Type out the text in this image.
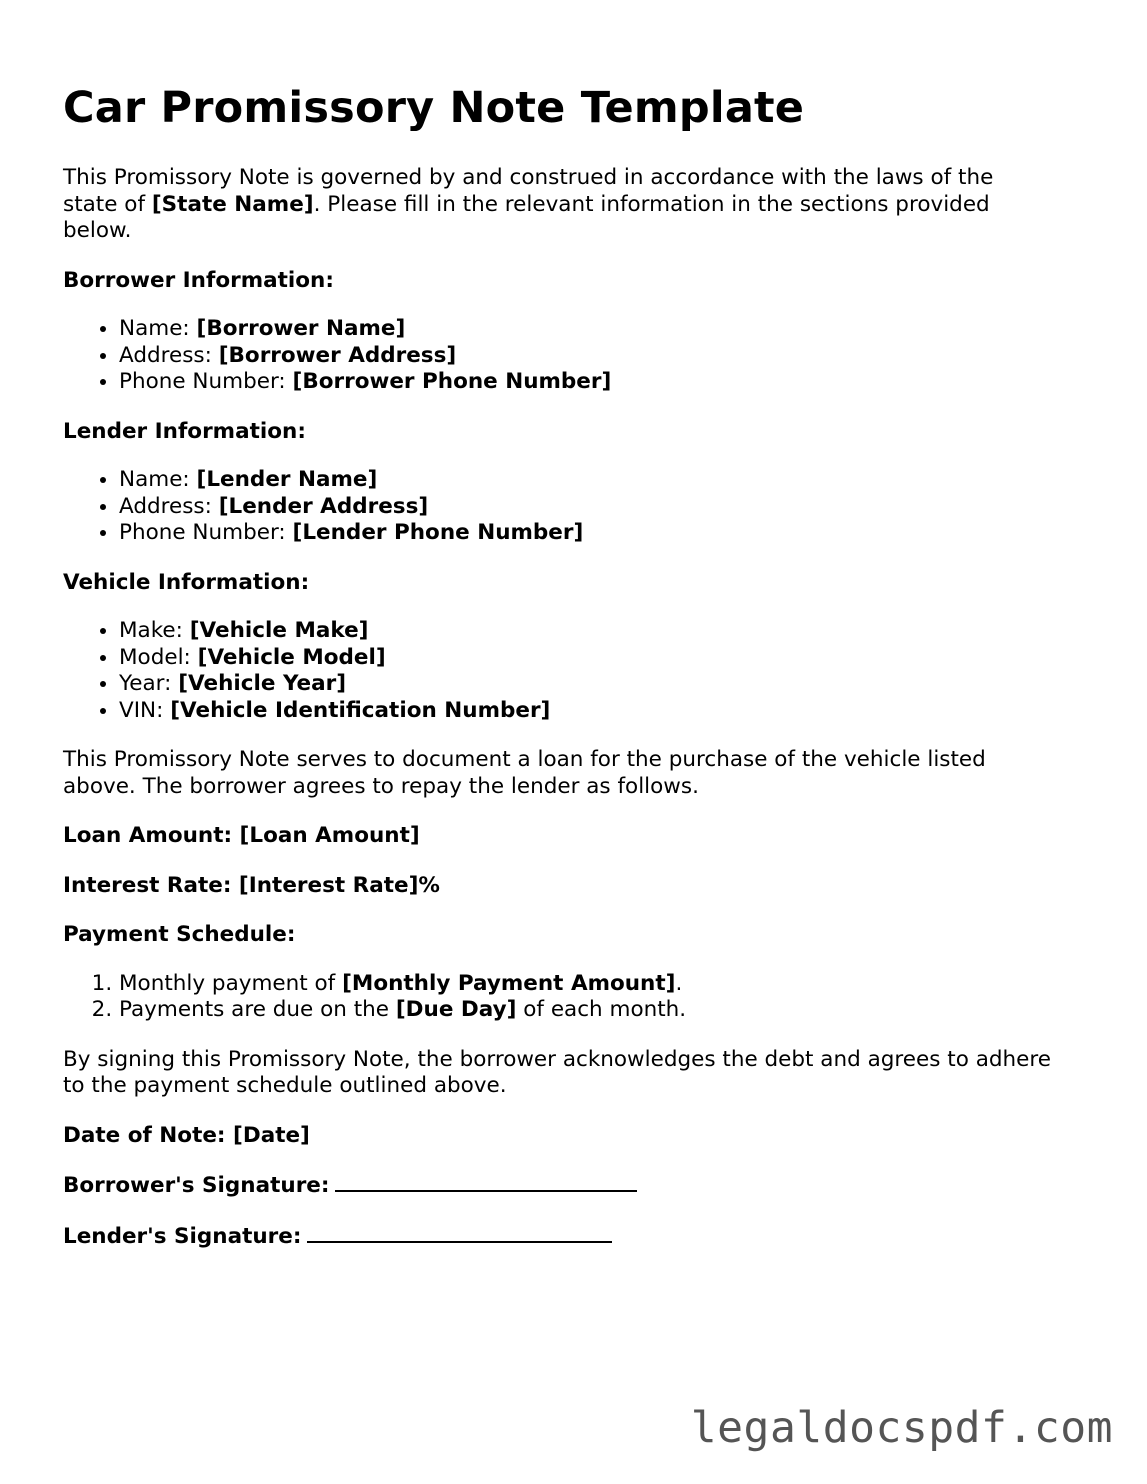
Car Promissory Note Template

This Promissory Note is governed by and construed in accordance with the laws of the state of [State Name]. Please fill in the relevant information in the sections provided below.

Borrower Information:

• Name: [Borrower Name]
• Address: [Borrower Address]
• Phone Number: [Borrower Phone Number]

Lender Information:

• Name: [Lender Name]
• Address: [Lender Address]
• Phone Number: [Lender Phone Number]

Vehicle Information:

• Make: [Vehicle Make]
• Model: [Vehicle Model]
• Year: [Vehicle Year]
• VIN: [Vehicle Identification Number]

This Promissory Note serves to document a loan for the purchase of the vehicle listed above. The borrower agrees to repay the lender as follows.

Loan Amount: [Loan Amount]

Interest Rate: [Interest Rate]%

Payment Schedule:

1. Monthly payment of [Monthly Payment Amount].
2. Payments are due on the [Due Day] of each month.

By signing this Promissory Note, the borrower acknowledges the debt and agrees to adhere to the payment schedule outlined above.

Date of Note: [Date]

Borrower's Signature:

Lender's Signature:

legaldocspdf.com
